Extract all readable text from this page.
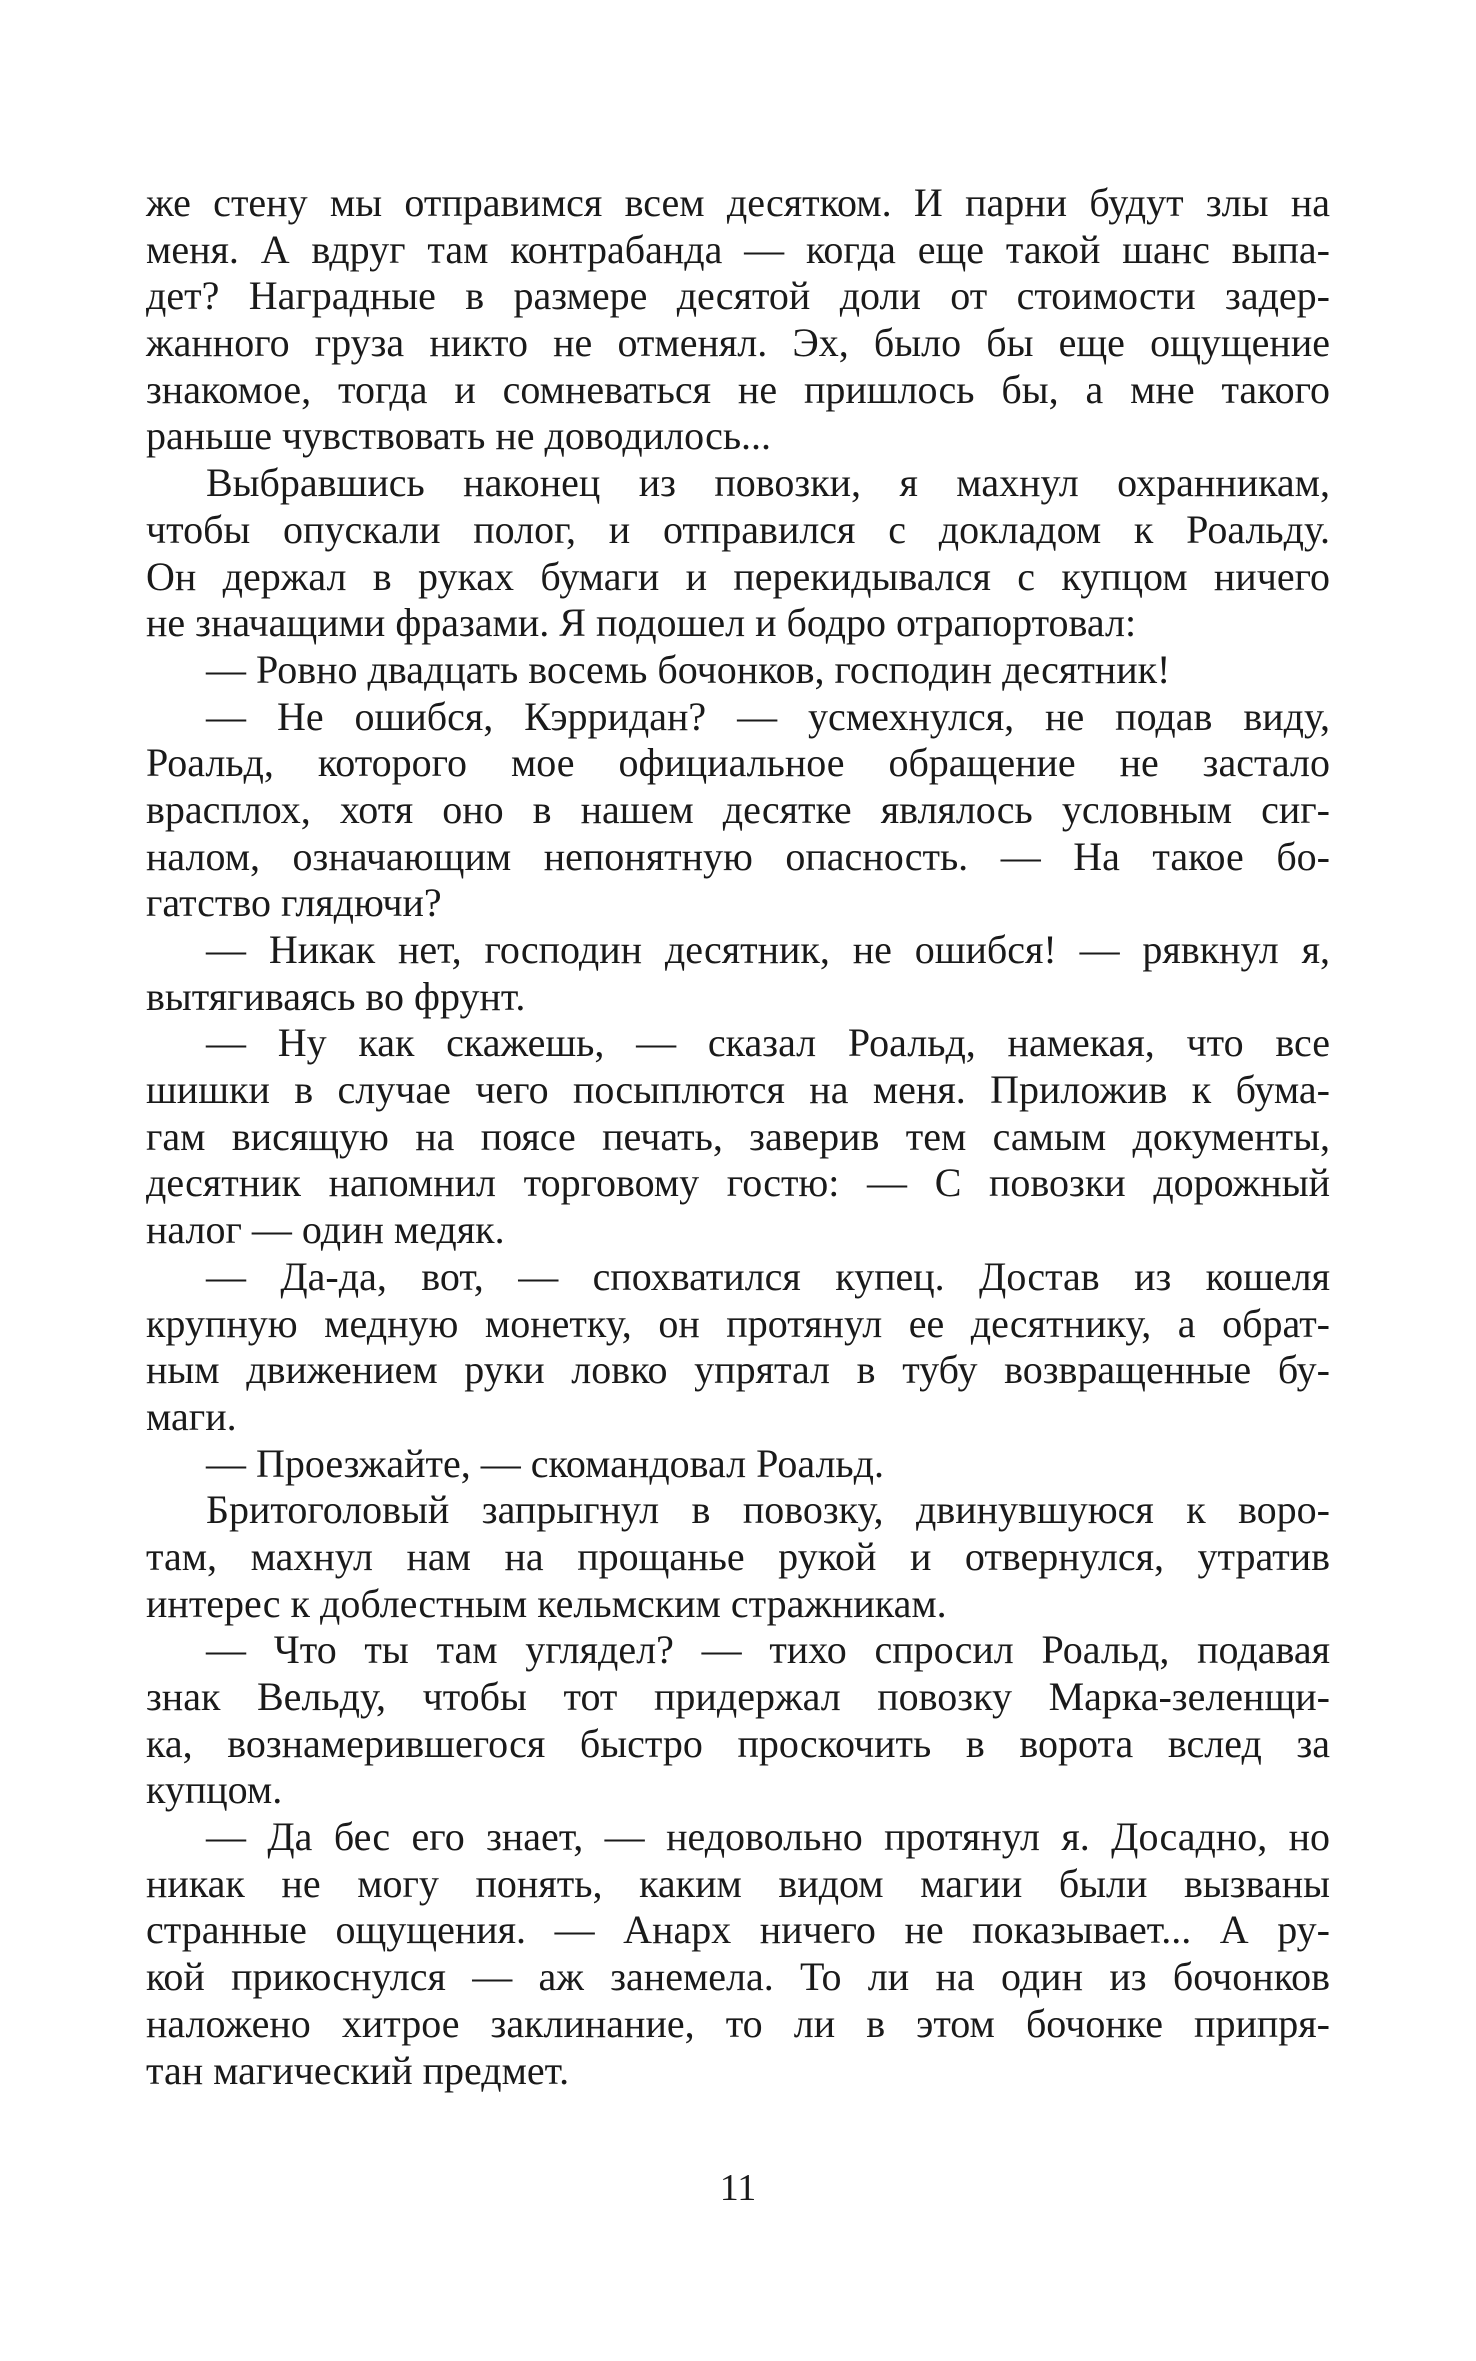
же стену мы отправимся всем десятком. И парни будут злы на
меня. А вдруг там контрабанда — когда еще такой шанс выпа-
дет? Наградные в размере десятой доли от стоимости задер-
жанного груза никто не отменял. Эх, было бы еще ощущение
знакомое, тогда и сомневаться не пришлось бы, а мне такого
раньше чувствовать не доводилось...
Выбравшись наконец из повозки, я махнул охранникам,
чтобы опускали полог, и отправился с докладом к Роальду.
Он держал в руках бумаги и перекидывался с купцом ничего
не значащими фразами. Я подошел и бодро отрапортовал:
— Ровно двадцать восемь бочонков, господин десятник!
— Не ошибся, Кэрридан? — усмехнулся, не подав виду,
Роальд, которого мое официальное обращение не застало
врасплох, хотя оно в нашем десятке являлось условным сиг-
налом, означающим непонятную опасность. — На такое бо-
гатство глядючи?
— Никак нет, господин десятник, не ошибся! — рявкнул я,
вытягиваясь во фрунт.
— Ну как скажешь, — сказал Роальд, намекая, что все
шишки в случае чего посыплются на меня. Приложив к бума-
гам висящую на поясе печать, заверив тем самым документы,
десятник напомнил торговому гостю: — С повозки дорожный
налог — один медяк.
— Да-да, вот, — спохватился купец. Достав из кошеля
крупную медную монетку, он протянул ее десятнику, а обрат-
ным движением руки ловко упрятал в тубу возвращенные бу-
маги.
— Проезжайте, — скомандовал Роальд.
Бритоголовый запрыгнул в повозку, двинувшуюся к воро-
там, махнул нам на прощанье рукой и отвернулся, утратив
интерес к доблестным кельмским стражникам.
— Что ты там углядел? — тихо спросил Роальд, подавая
знак Вельду, чтобы тот придержал повозку Марка-зеленщи-
ка, вознамерившегося быстро проскочить в ворота вслед за
купцом.
— Да бес его знает, — недовольно протянул я. Досадно, но
никак не могу понять, каким видом магии были вызваны
странные ощущения. — Анарх ничего не показывает... А ру-
кой прикоснулся — аж занемела. То ли на один из бочонков
наложено хитрое заклинание, то ли в этом бочонке припря-
тан магический предмет.
11
